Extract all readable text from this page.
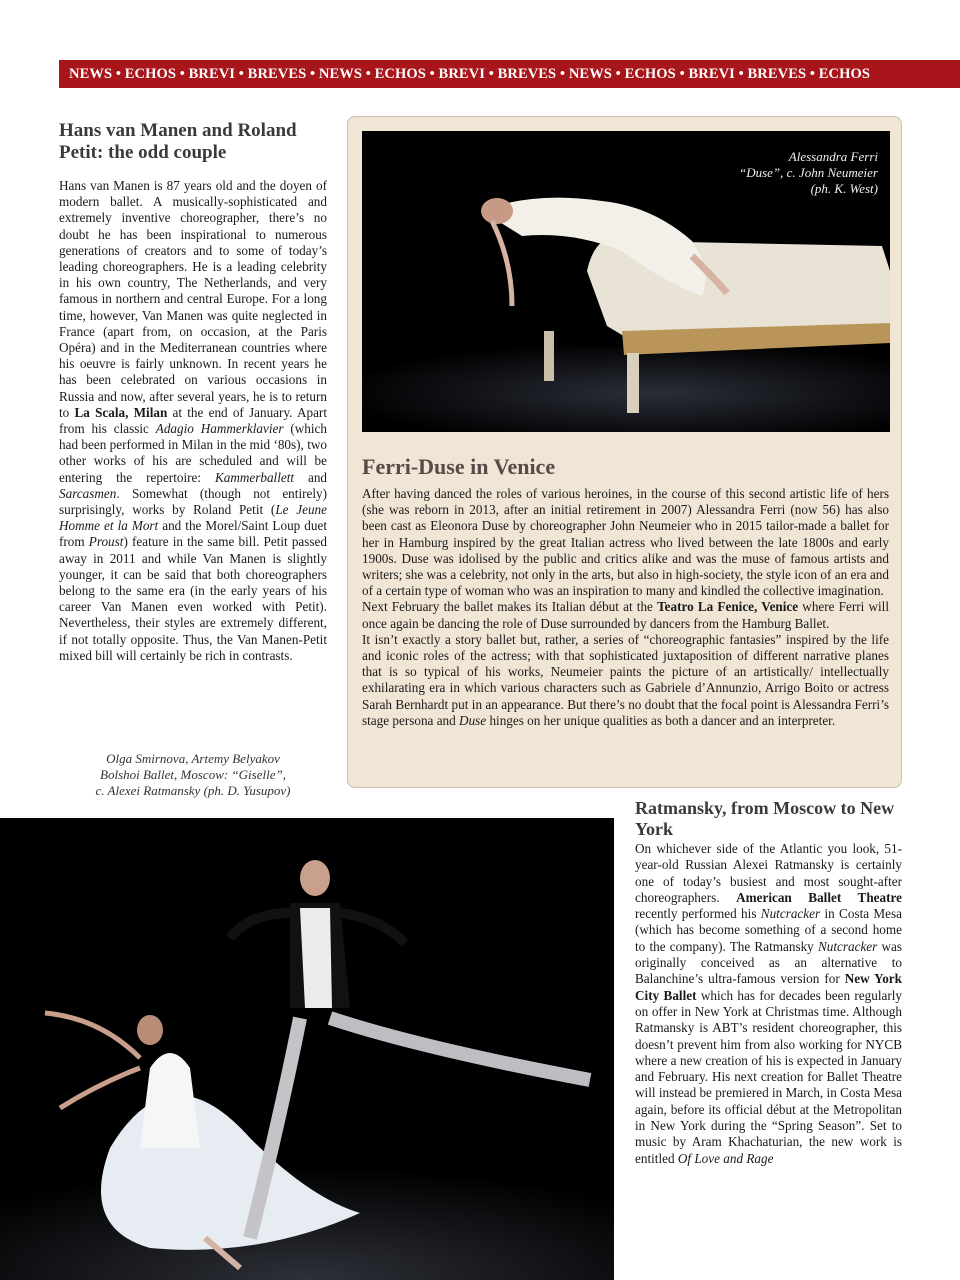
NEWS • ECHOS • BREVI • BREVES • NEWS • ECHOS • BREVI • BREVES • NEWS • ECHOS • BREVI • BREVES • ECHOS
Hans van Manen and Roland Petit: the odd couple
Hans van Manen is 87 years old and the doyen of modern ballet. A musically-sophisticated and extremely inventive choreographer, there’s no doubt he has been inspirational to numerous generations of creators and to some of today’s leading choreographers. He is a leading celebrity in his own country, The Netherlands, and very famous in northern and central Europe. For a long time, however, Van Manen was quite neglected in France (apart from, on occasion, at the Paris Opéra) and in the Mediterranean countries where his oeuvre is fairly unknown. In recent years he has been celebrated on various occasions in Russia and now, after several years, he is to return to La Scala, Milan at the end of January. Apart from his classic Adagio Hammerklavier (which had been performed in Milan in the mid ‘80s), two other works of his are scheduled and will be entering the repertoire: Kammerballett and Sarcasmen. Somewhat (though not entirely) surprisingly, works by Roland Petit (Le Jeune Homme et la Mort and the Morel/Saint Loup duet from Proust) feature in the same bill. Petit passed away in 2011 and while Van Manen is slightly younger, it can be said that both choreographers belong to the same era (in the early years of his career Van Manen even worked with Petit). Nevertheless, their styles are extremely different, if not totally opposite. Thus, the Van Manen-Petit mixed bill will certainly be rich in contrasts.
Olga Smirnova, Artemy Belyakov
Bolshoi Ballet, Moscow: “Giselle”,
c. Alexei Ratmansky (ph. D. Yusupov)
Alessandra Ferri
“Duse”, c. John Neumeier
(ph. K. West)
Ferri-Duse in Venice

After having danced the roles of various heroines, in the course of this second artistic life of hers (she was reborn in 2013, after an initial retirement in 2007) Alessandra Ferri (now 56) has also been cast as Eleonora Duse by choreographer John Neumeier who in 2015 tailor-made a ballet for her in Hamburg inspired by the great Italian actress who lived between the late 1800s and early 1900s. Duse was idolised by the public and critics alike and was the muse of famous artists and writers; she was a celebrity, not only in the arts, but also in high-society, the style icon of an era and of a certain type of woman who was an inspiration to many and kindled the collective imagination.

Next February the ballet makes its Italian début at the Teatro La Fenice, Venice where Ferri will once again be dancing the role of Duse surrounded by dancers from the Hamburg Ballet.

It isn’t exactly a story ballet but, rather, a series of “choreographic fantasies” inspired by the life and iconic roles of the actress; with that sophisticated juxtaposition of different narrative planes that is so typical of his works, Neumeier paints the picture of an artistically/ intellectually exhilarating era in which various characters such as Gabriele d’Annunzio, Arrigo Boito or actress Sarah Bernhardt put in an appearance. But there’s no doubt that the focal point is Alessandra Ferri’s stage persona and Duse hinges on her unique qualities as both a dancer and an interpreter.

Ratmansky, from Moscow to New York
On whichever side of the Atlantic you look, 51-year-old Russian Alexei Ratmansky is certainly one of today’s busiest and most sought-after choreographers. American Ballet Theatre recently performed his Nutcracker in Costa Mesa (which has become something of a second home to the company). The Ratmansky Nutcracker was originally conceived as an alternative to Balanchine’s ultra-famous version for New York City Ballet which has for decades been regularly on offer in New York at Christmas time. Although Ratmansky is ABT’s resident choreographer, this doesn’t prevent him from also working for NYCB where a new creation of his is expected in January and February. His next creation for Ballet Theatre will instead be premiered in March, in Costa Mesa again, before its official début at the Metropolitan in New York during the “Spring Season”. Set to music by Aram Khachaturian, the new work is entitled Of Love and Rage
